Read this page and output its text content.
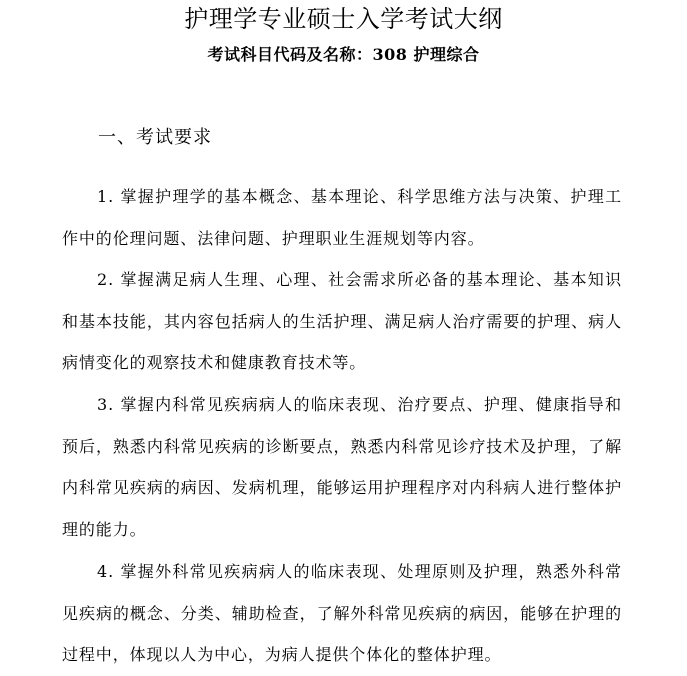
护理学专业硕士入学考试大纲
考试科目代码及名称：308 护理综合
一、考试要求

1. 掌握护理学的基本概念、基本理论、科学思维方法与决策、护理工作中的伦理问题、法律问题、护理职业生涯规划等内容。

2. 掌握满足病人生理、心理、社会需求所必备的基本理论、基本知识和基本技能，其内容包括病人的生活护理、满足病人治疗需要的护理、病人病情变化的观察技术和健康教育技术等。

3. 掌握内科常见疾病病人的临床表现、治疗要点、护理、健康指导和预后，熟悉内科常见疾病的诊断要点，熟悉内科常见诊疗技术及护理，了解内科常见疾病的病因、发病机理，能够运用护理程序对内科病人进行整体护理的能力。

4. 掌握外科常见疾病病人的临床表现、处理原则及护理，熟悉外科常见疾病的概念、分类、辅助检查，了解外科常见疾病的病因，能够在护理的过程中，体现以人为中心，为病人提供个体化的整体护理。
